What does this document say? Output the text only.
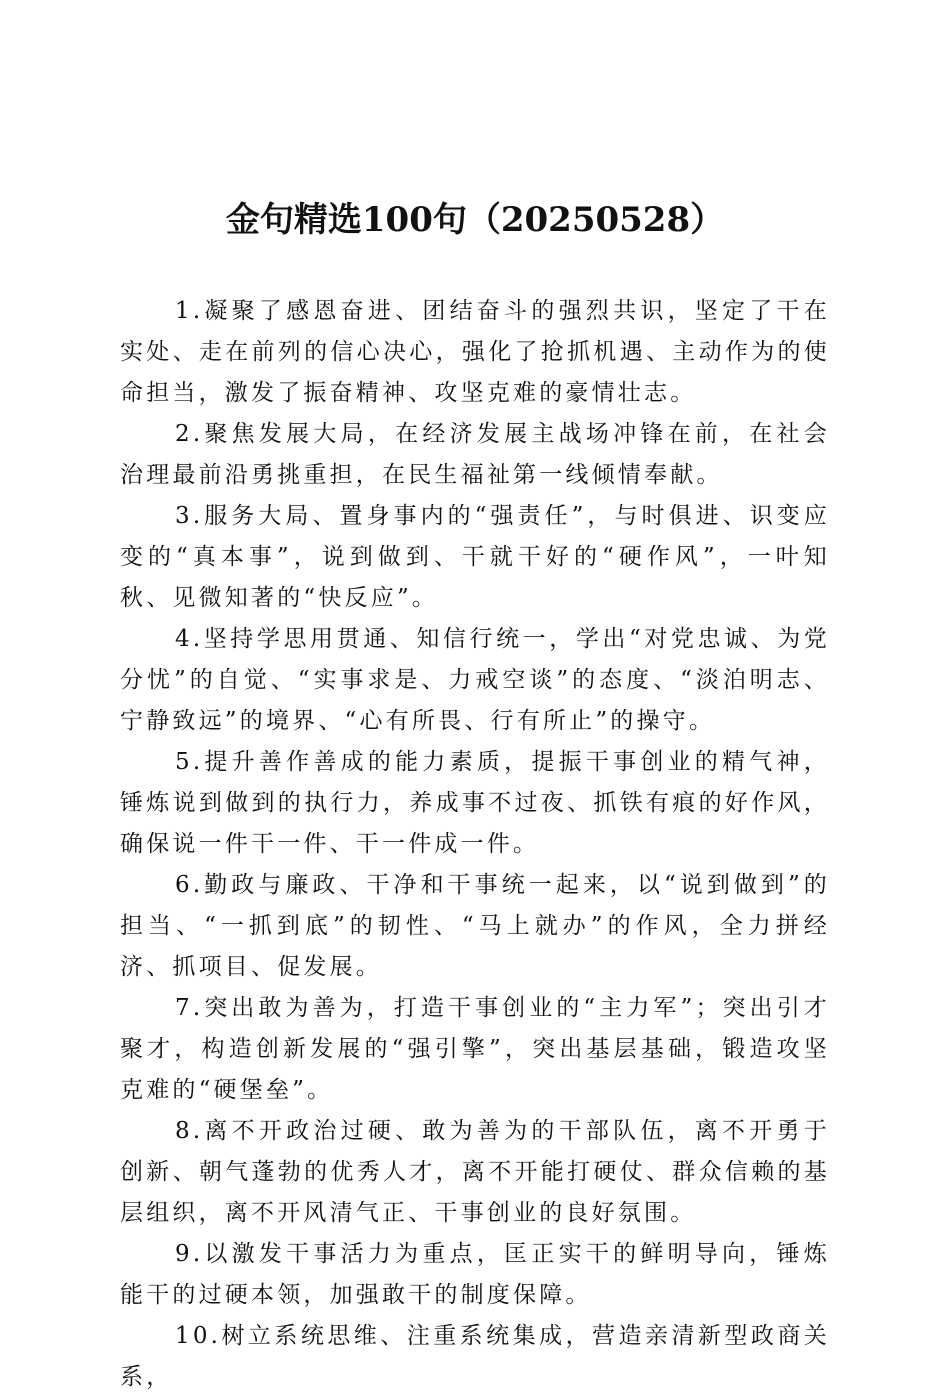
金句精选100句（20250528）

1.凝聚了感恩奋进、团结奋斗的强烈共识，坚定了干在实处、走在前列的信心决心，强化了抢抓机遇、主动作为的使命担当，激发了振奋精神、攻坚克难的豪情壮志。

2.聚焦发展大局，在经济发展主战场冲锋在前，在社会治理最前沿勇挑重担，在民生福祉第一线倾情奉献。

3.服务大局、置身事内的“强责任”，与时俱进、识变应变的“真本事”，说到做到、干就干好的“硬作风”，一叶知秋、见微知著的“快反应”。

4.坚持学思用贯通、知信行统一，学出“对党忠诚、为党分忧”的自觉、“实事求是、力戒空谈”的态度、“淡泊明志、宁静致远”的境界、“心有所畏、行有所止”的操守。

5.提升善作善成的能力素质，提振干事创业的精气神，锤炼说到做到的执行力，养成事不过夜、抓铁有痕的好作风，确保说一件干一件、干一件成一件。

6.勤政与廉政、干净和干事统一起来，以“说到做到”的担当、“一抓到底”的韧性、“马上就办”的作风，全力拼经济、抓项目、促发展。

7.突出敢为善为，打造干事创业的“主力军”；突出引才聚才，构造创新发展的“强引擎”，突出基层基础，锻造攻坚克难的“硬堡垒”。

8.离不开政治过硬、敢为善为的干部队伍，离不开勇于创新、朝气蓬勃的优秀人才，离不开能打硬仗、群众信赖的基层组织，离不开风清气正、干事创业的良好氛围。

9.以激发干事活力为重点，匡正实干的鲜明导向，锤炼能干的过硬本领，加强敢干的制度保障。

10.树立系统思维、注重系统集成，营造亲清新型政商关系，
